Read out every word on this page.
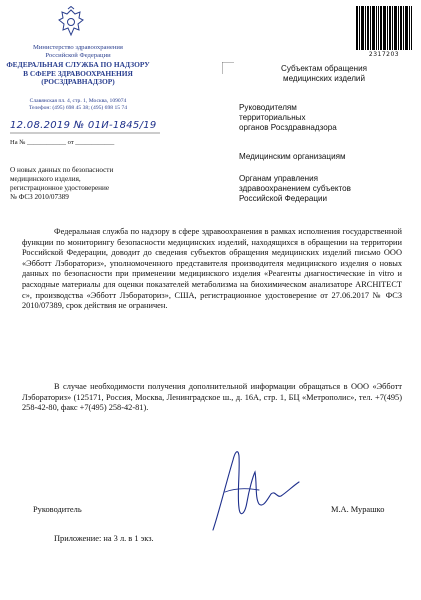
Министерство здравоохранения
Российской Федерации
ФЕДЕРАЛЬНАЯ СЛУЖБА ПО НАДЗОРУ
В СФЕРЕ ЗДРАВООХРАНЕНИЯ
(РОСЗДРАВНАДЗОР)
Славянская пл. 4, стр. 1, Москва, 109074
Телефон: (495) 698 45 38; (495) 698 15 74
12.08.2019 № 01И-1845/19
На № ____________ от ____________
О новых данных по безопасности
медицинского изделия,
регистрационное удостоверение
№ ФСЗ 2010/07389
2317203
Субъектам обращения
медицинских изделий
Руководителям
территориальных
органов Росздравнадзора
Медицинским организациям
Органам управления
здравоохранением субъектов
Российской Федерации
Федеральная служба по надзору в сфере здравоохранения в рамках исполнения государственной функции по мониторингу безопасности медицинских изделий, находящихся в обращении на территории Российской Федерации, доводит до сведения субъектов обращения медицинских изделий письмо ООО «Эбботт Лэбораториз», уполномоченного представителя производителя медицинского изделия о новых данных по безопасности при применении медицинского изделия «Реагенты диагностические in vitro и расходные материалы для оценки показателей метаболизма на биохимическом анализаторе ARCHITECT с», производства «Эбботт Лэбораториз», США, регистрационное удостоверение от 27.06.2017 № ФСЗ 2010/07389, срок действия не ограничен.
В случае необходимости получения дополнительной информации обращаться в ООО «Эбботт Лэбораториз» (125171, Россия, Москва, Ленинградское ш., д. 16А, стр. 1, БЦ «Метрополис», тел. +7(495) 258-42-80, факс +7(495) 258-42-81).
Приложение: на 3 л. в 1 экз.
Руководитель	М.А. Мурашко
